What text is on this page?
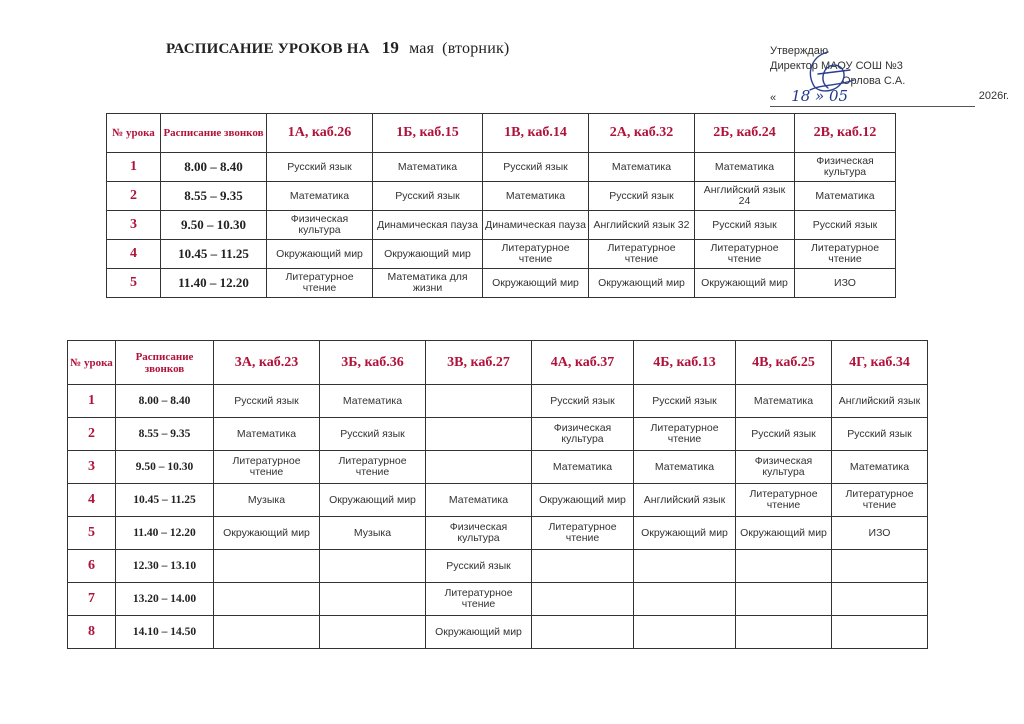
РАСПИСАНИЕ УРОКОВ НА 19 мая (вторник)	Утверждаю
Директор МАОУ СОШ №3
Орлова С.А.
« 18 » 05	2026г.
№ урока	Расписание звонков	1А, каб.26	1Б, каб.15	1В, каб.14	2А, каб.32	2Б, каб.24	2В, каб.12
1	8.00 – 8.40	Русский язык	Математика	Русский язык	Математика	Математика	Физическая культура
2	8.55 – 9.35	Математика	Русский язык	Математика	Русский язык	Английский язык 24	Математика
3	9.50 – 10.30	Физическая культура	Динамическая пауза	Динамическая пауза	Английский язык 32	Русский язык	Русский язык
4	10.45 – 11.25	Окружающий мир	Окружающий мир	Литературное чтение	Литературное чтение	Литературное чтение	Литературное чтение
5	11.40 – 12.20	Литературное чтение	Математика для жизни	Окружающий мир	Окружающий мир	Окружающий мир	ИЗО
№ урока	Расписание звонков	3А, каб.23	3Б, каб.36	3В, каб.27	4А, каб.37	4Б, каб.13	4В, каб.25	4Г, каб.34
1	8.00 – 8.40	Русский язык	Математика		Русский язык	Русский язык	Математика	Английский язык
2	8.55 – 9.35	Математика	Русский язык		Физическая культура	Литературное чтение	Русский язык	Русский язык
3	9.50 – 10.30	Литературное чтение	Литературное чтение		Математика	Математика	Физическая культура	Математика
4	10.45 – 11.25	Музыка	Окружающий мир	Математика	Окружающий мир	Английский язык	Литературное чтение	Литературное чтение
5	11.40 – 12.20	Окружающий мир	Музыка	Физическая культура	Литературное чтение	Окружающий мир	Окружающий мир	ИЗО
6	12.30 – 13.10			Русский язык				
7	13.20 – 14.00			Литературное чтение				
8	14.10 – 14.50			Окружающий мир				
